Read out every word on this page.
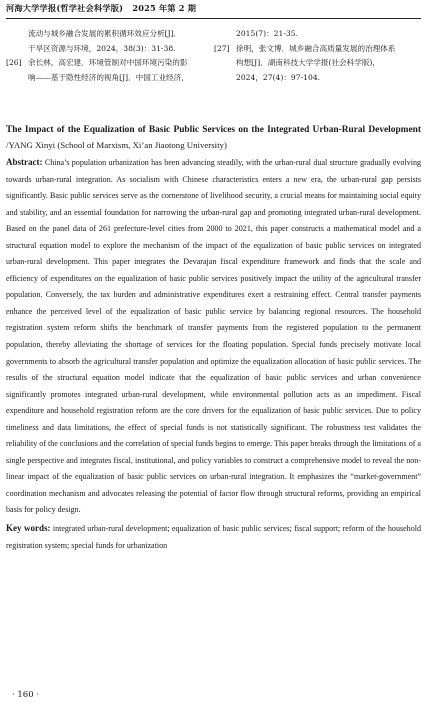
河海大学学报(哲学社会科学版) 2025 年第 2 期
流动与城乡融合发展的累积循环效应分析[J]．
干旱区资源与环境，2024，38(3)：31-38.
[26] 余长林，高宏建．环境管制对中国环境污染的影
响——基于隐性经济的视角[J]．中国工业经济，
2015(7)：21-35.
[27] 徐明，张文博．城乡融合高质量发展的治理体系
构想[J]．湖南科技大学学报(社会科学版)，
2024，27(4)：97-104.

The Impact of the Equalization of Basic Public Services on the Integrated Urban-Rural Development /YANG Xinyi (School of Marxism, Xi’an Jiaotong University)

Abstract: China’s population urbanization has been advancing steadily, with the urban-rural dual structure gradually evolving towards urban-rural integration. As socialism with Chinese characteristics enters a new era, the urban-rural gap persists significantly. Basic public services serve as the cornerstone of livelihood security, a crucial means for maintaining social equity and stability, and an essential foundation for narrowing the urban-rural gap and promoting integrated urban-rural development. Based on the panel data of 261 prefecture-level cities from 2000 to 2021, this paper constructs a mathematical model and a structural equation model to explore the mechanism of the impact of the equalization of basic public services on integrated urban-rural development. This paper integrates the Devarajan fiscal expenditure framework and finds that the scale and efficiency of expenditures on the equalization of basic public services positively impact the utility of the agricultural transfer population. Conversely, the tax burden and administrative expenditures exert a restraining effect. Central transfer payments enhance the perceived level of the equalization of basic public service by balancing regional resources. The household registration system reform shifts the benchmark of transfer payments from the registered population to the permanent population, thereby alleviating the shortage of services for the floating population. Special funds precisely motivate local governments to absorb the agricultural transfer population and optimize the equalization allocation of basic public services. The results of the structural equation model indicate that the equalization of basic public services and urban convenience significantly promotes integrated urban-rural development, while environmental pollution acts as an impediment. Fiscal expenditure and household registration reform are the core drivers for the equalization of basic public services. Due to policy timeliness and data limitations, the effect of special funds is not statistically significant. The robustness test validates the reliability of the conclusions and the correlation of special funds begins to emerge. This paper breaks through the limitations of a single perspective and integrates fiscal, institutional, and policy variables to construct a comprehensive model to reveal the non-linear impact of the equalization of basic public services on urban-rural integration. It emphasizes the “market-government” coordination mechanism and advocates releasing the potential of factor flow through structural reforms, providing an empirical basis for policy design.

Key words: integrated urban-rural development; equalization of basic public services; fiscal support; reform of the household registration system; special funds for urbanization

· 160 ·
